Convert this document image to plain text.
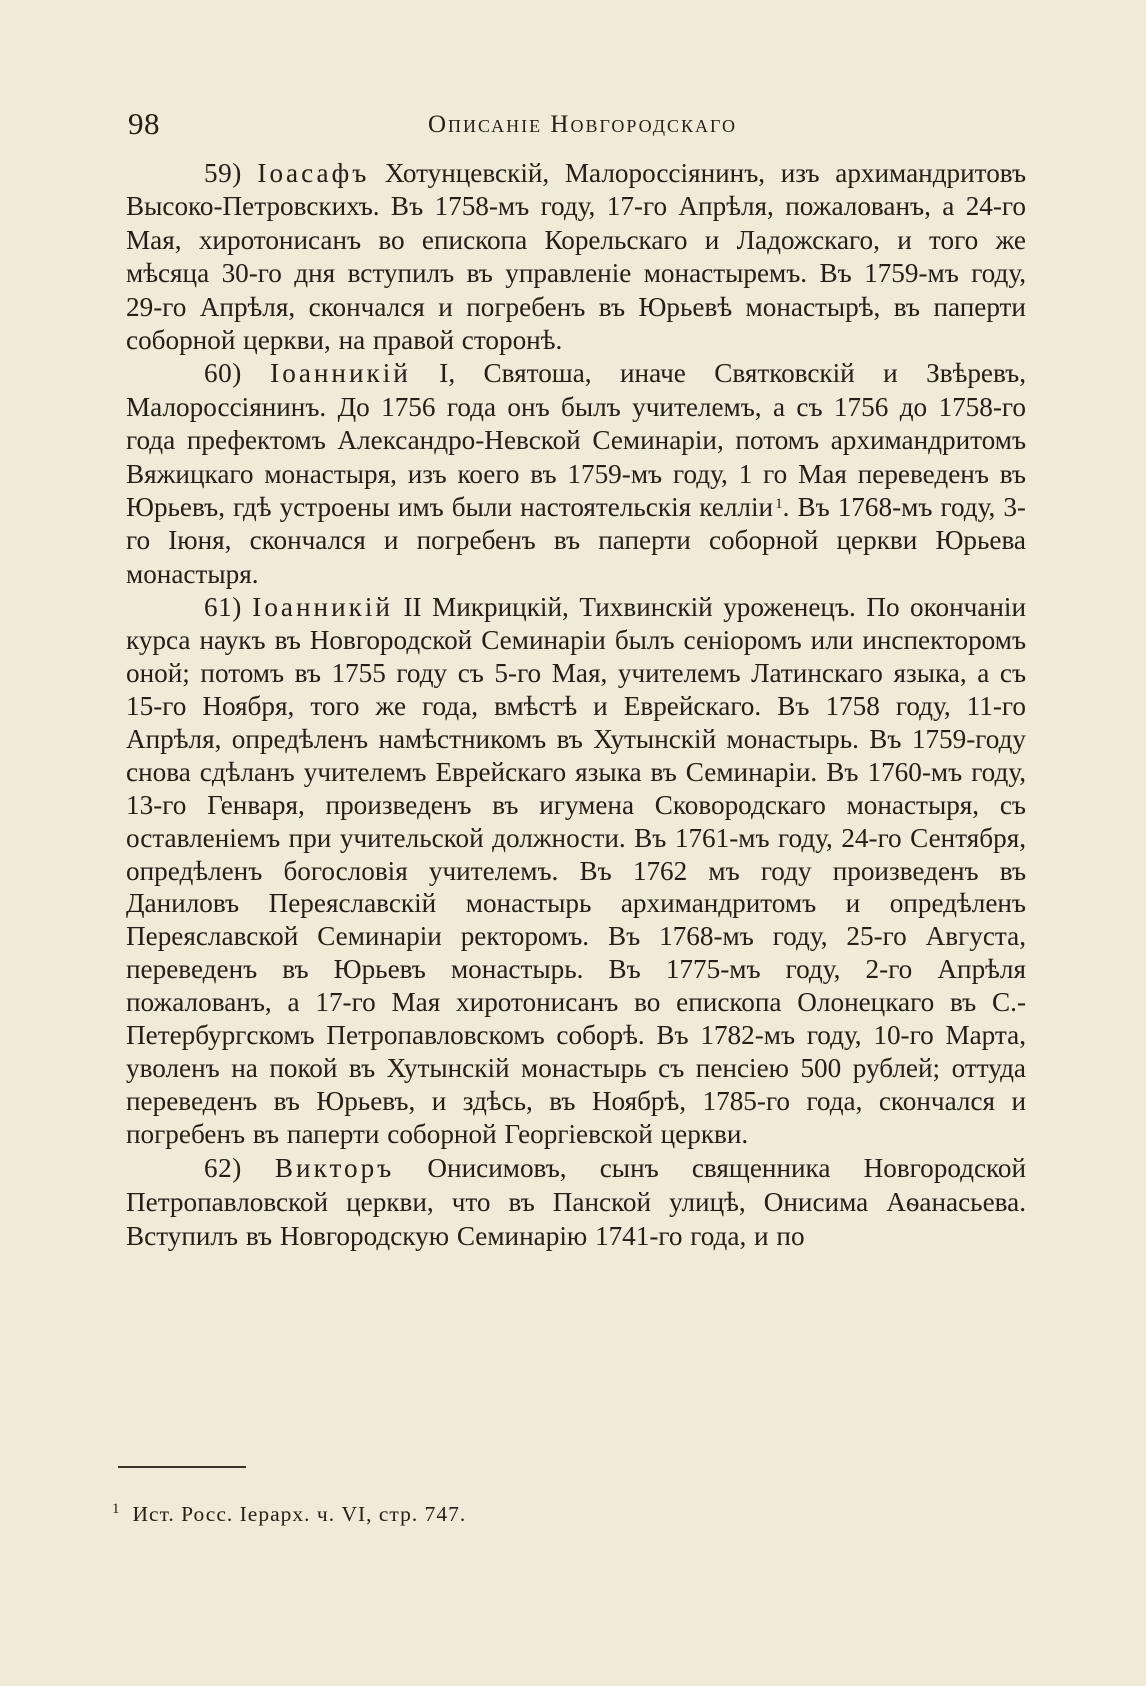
98	Описаніе Новгородскаго

59) Іоасафъ Хотунцевскій, Малороссіянинъ, изъ архимандритовъ Высоко-Петровскихъ. Въ 1758-мъ году, 17-го Апрѣля, пожалованъ, а 24-го Мая, хиротонисанъ во епископа Корельскаго и Ладожскаго, и того же мѣсяца 30-го дня вступилъ въ управленіе монастыремъ. Въ 1759-мъ году, 29-го Апрѣля, скончался и погребенъ въ Юрьевѣ монастырѣ, въ паперти соборной церкви, на правой сторонѣ.

60) Іоанникій I, Святоша, иначе Святковскій и Звѣревъ, Малороссіянинъ. До 1756 года онъ былъ учителемъ, а съ 1756 до 1758-го года префектомъ Александро-Невской Семинаріи, потомъ архимандритомъ Вяжицкаго монастыря, изъ коего въ 1759-мъ году, 1 го Мая переведенъ въ Юрьевъ, гдѣ устроены имъ были настоятельскія келліи $^1$. Въ 1768-мъ году, 3-го Іюня, скончался и погребенъ въ паперти соборной церкви Юрьева монастыря.

61) Іоанникій II Микрицкій, Тихвинскій уроженецъ. По окончаніи курса наукъ въ Новгородской Семинаріи былъ сеніоромъ или инспекторомъ оной; потомъ въ 1755 году съ 5-го Мая, учителемъ Латинскаго языка, а съ 15-го Ноября, того же года, вмѣстѣ и Еврейскаго. Въ 1758 году, 11-го Апрѣля, опредѣленъ намѣстникомъ въ Хутынскій монастырь. Въ 1759-году снова сдѣланъ учителемъ Еврейскаго языка въ Семинаріи. Въ 1760-мъ году, 13-го Генваря, произведенъ въ игумена Сковородскаго монастыря, съ оставленіемъ при учительской должности. Въ 1761-мъ году, 24-го Сентября, опредѣленъ богословія учителемъ. Въ 1762 мъ году произведенъ въ Даниловъ Переяславскій монастырь архимандритомъ и опредѣленъ Переяславской Семинаріи ректоромъ. Въ 1768-мъ году, 25-го Августа, переведенъ въ Юрьевъ монастырь. Въ 1775-мъ году, 2-го Апрѣля пожалованъ, а 17-го Мая хиротонисанъ во епископа Олонецкаго въ С.-Петербургскомъ Петропавловскомъ соборѣ. Въ 1782-мъ году, 10-го Марта, уволенъ на покой въ Хутынскій монастырь съ пенсіею 500 рублей; оттуда переведенъ въ Юрьевъ, и здѣсь, въ Ноябрѣ, 1785-го года, скончался и погребенъ въ паперти соборной Георгіевской церкви.

62) Викторъ Онисимовъ, сынъ священника Новгородской Петропавловской церкви, что въ Панской улицѣ, Онисима Аѳанасьева. Вступилъ въ Новгородскую Семинарію 1741-го года, и по

$^1$ Ист. Росс. Іерарх. ч. VI, стр. 747.
